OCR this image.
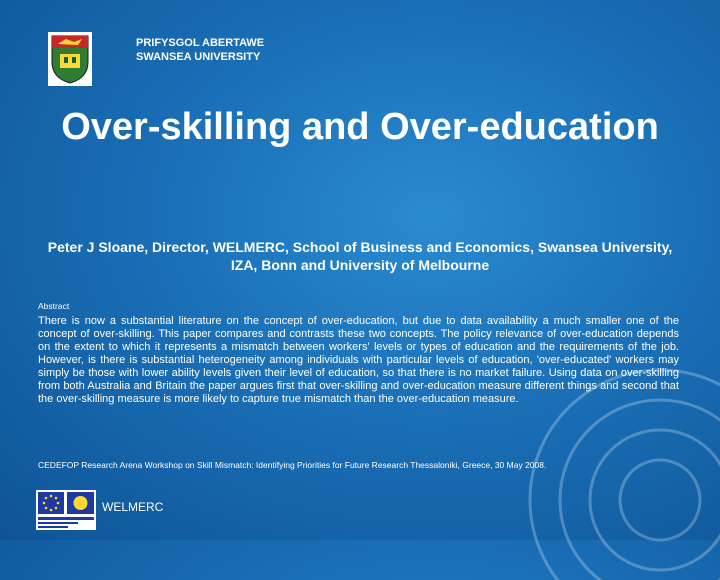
PRIFYSGOL ABERTAWE
SWANSEA UNIVERSITY
Over-skilling and Over-education
Peter J Sloane, Director, WELMERC, School of Business and Economics, Swansea University, IZA, Bonn and University of Melbourne
Abstract
There is now a substantial literature on the concept of over-education, but due to data availability a much smaller one of the concept of over-skilling. This paper compares and contrasts these two concepts. The policy relevance of over-education depends on the extent to which it represents a mismatch between workers' levels or types of education and the requirements of the job. However, is there is substantial heterogeneity among individuals with particular levels of education, 'over-educated' workers may simply be those with lower ability levels given their level of education, so that there is no market failure. Using data on over-skilling from both Australia and Britain the paper argues first that over-skilling and over-education measure different things and second that the over-skilling measure is more likely to capture true mismatch than the over-education measure.
CEDEFOP Research Arena Workshop on Skill Mismatch: Identifying Priorities for Future Research Thessaloniki, Greece, 30 May 2008.
WELMERC
